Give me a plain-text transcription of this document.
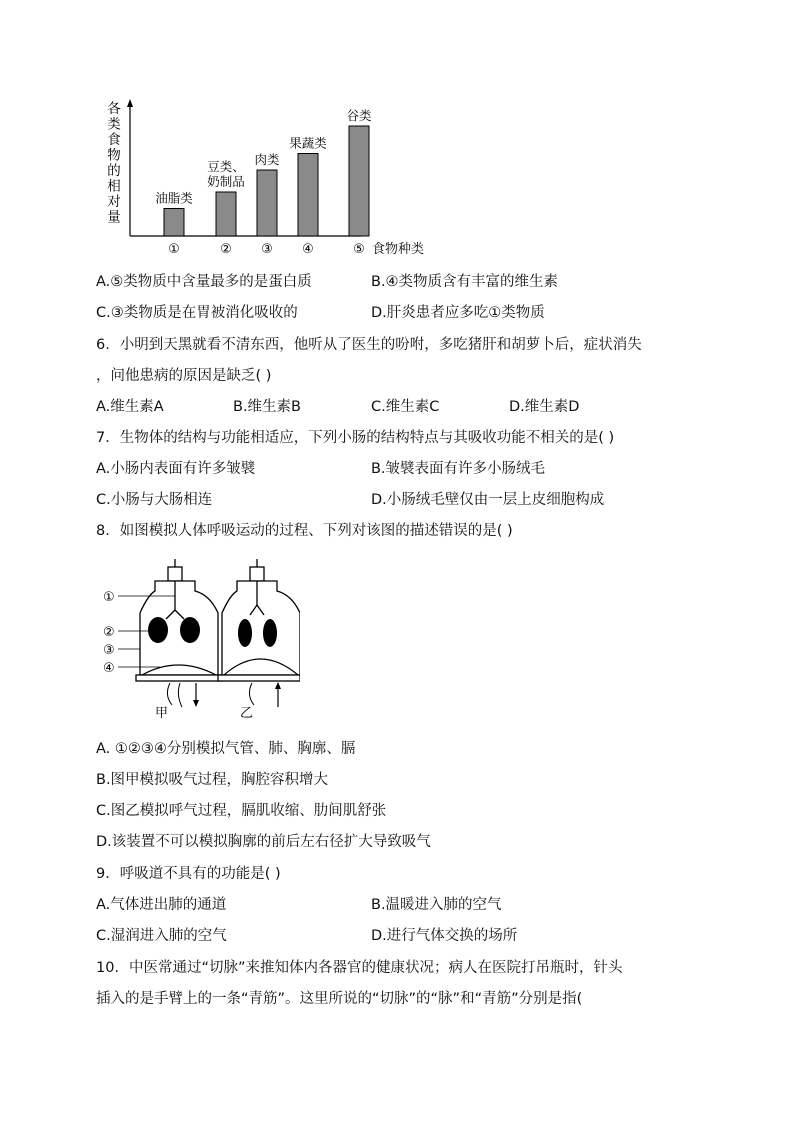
各
类
食
物
的
相
对
量
①
油脂类
②
豆类、
奶制品
③
肉类
④
果蔬类
⑤
谷类
食物种类
A.⑤类物质中含量最多的是蛋白质	B.④类物质含有丰富的维生素
C.③类物质是在胃被消化吸收的	D.肝炎患者应多吃①类物质
6．小明到天黑就看不清东西，他听从了医生的吩咐，多吃猪肝和胡萝卜后，症状消失
，问他患病的原因是缺乏( )
A.维生素A	B.维生素B	C.维生素C	D.维生素D
7．生物体的结构与功能相适应，下列小肠的结构特点与其吸收功能不相关的是( )
A.小肠内表面有许多皱襞	B.皱襞表面有许多小肠绒毛
C.小肠与大肠相连	D.小肠绒毛壁仅由一层上皮细胞构成
8．如图模拟人体呼吸运动的过程、下列对该图的描述错误的是( )
①
②
③
④
甲	乙
A. ①②③④分别模拟气管、肺、胸廓、膈
B.图甲模拟吸气过程，胸腔容积增大
C.图乙模拟呼气过程，膈肌收缩、肋间肌舒张
D.该装置不可以模拟胸廓的前后左右径扩大导致吸气
9．呼吸道不具有的功能是( )
A.气体进出肺的通道	B.温暖进入肺的空气
C.湿润进入肺的空气	D.进行气体交换的场所
10．中医常通过“切脉”来推知体内各器官的健康状况；病人在医院打吊瓶时，针头
插入的是手臂上的一条“青筋”。这里所说的“切脉”的“脉”和“青筋”分别是指(
